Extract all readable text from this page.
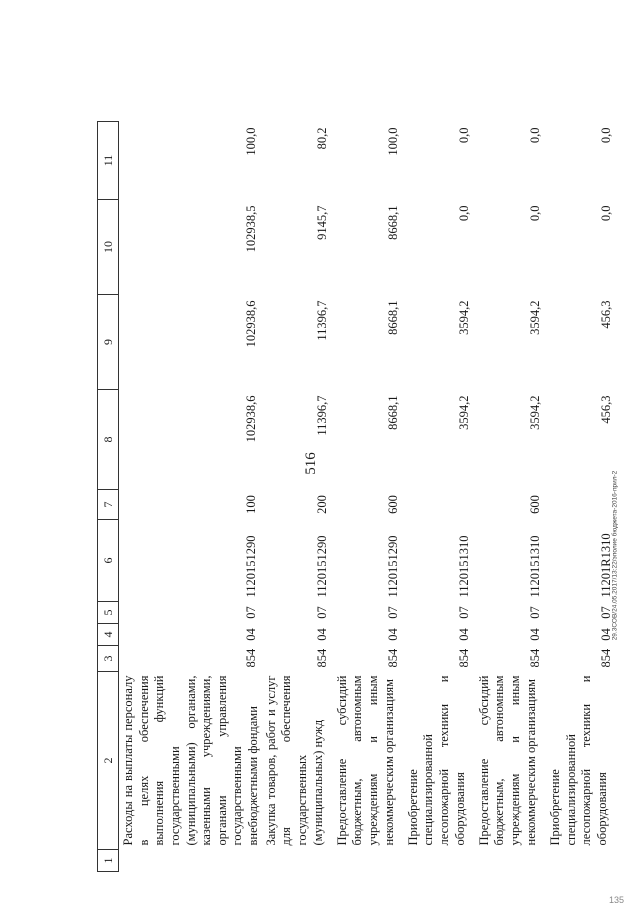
516
1	2	3	4	5	6	7	8	9	10	11
	Расходы на выплаты персоналу в целях обеспечения выполнения функций государственными (муниципальными) органами, казенными учреждениями, органами управления государственными внебюджетными фондами	854	04	07	1120151290	100	102938,6	102938,6	102938,5	100,0
	Закупка товаров, работ и услуг для обеспечения государственных (муниципальных) нужд	854	04	07	1120151290	200	11396,7	11396,7	9145,7	80,2
	Предоставление субсидий бюджетным, автономным учреждениям и иным некоммерческим организациям	854	04	07	1120151290	600	8668,1	8668,1	8668,1	100,0
	Приобретение специализированной лесопожарной техники и оборудования	854	04	07	1120151310		3594,2	3594,2	0,0	0,0
	Предоставление субсидий бюджетным, автономным учреждениям и иным некоммерческим организациям	854	04	07	1120151310	600	3594,2	3594,2	0,0	0,0
	Приобретение специализированной лесопожарной техники и оборудования	854	04	07	11201R1310		456,3	456,3	0,0	0,0
29.3СОВ/24.05.2017/13:22/эполие бюджета-2016-прил-2
135
